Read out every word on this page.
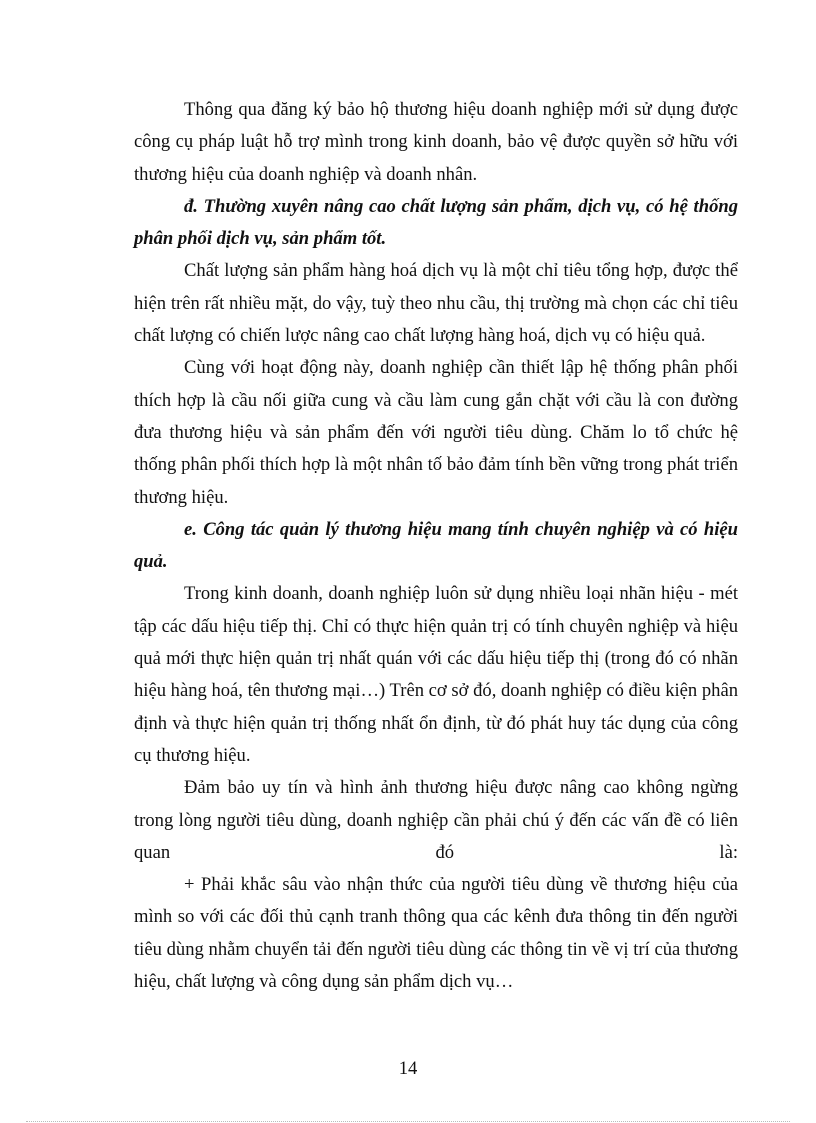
Thông qua đăng ký bảo hộ thương hiệu doanh nghiệp mới sử dụng được công cụ pháp luật hỗ trợ mình trong kinh doanh, bảo vệ được quyền sở hữu với thương hiệu của doanh nghiệp và doanh nhân.

đ. Thường xuyên nâng cao chất lượng sản phẩm, dịch vụ, có hệ thống phân phối dịch vụ, sản phẩm tốt.

Chất lượng sản phẩm hàng hoá dịch vụ là một chỉ tiêu tổng hợp, được thể hiện trên rất nhiều mặt, do vậy, tuỳ theo nhu cầu, thị trường mà chọn các chỉ tiêu chất lượng có chiến lược nâng cao chất lượng hàng hoá, dịch vụ có hiệu quả.

Cùng với hoạt động này, doanh nghiệp cần thiết lập hệ thống phân phối thích hợp là cầu nối giữa cung và cầu làm cung gắn chặt với cầu là con đường đưa thương hiệu và sản phẩm đến với người tiêu dùng. Chăm lo tổ chức hệ thống phân phối thích hợp là một nhân tố bảo đảm tính bền vững trong phát triển thương hiệu.

e. Công tác quản lý thương hiệu mang tính chuyên nghiệp và có hiệu quả.

Trong kinh doanh, doanh nghiệp luôn sử dụng nhiều loại nhãn hiệu - mét tập các dấu hiệu tiếp thị. Chỉ có thực hiện quản trị có tính chuyên nghiệp và hiệu quả mới thực hiện quản trị nhất quán với các dấu hiệu tiếp thị (trong đó có nhãn hiệu hàng hoá, tên thương mại…) Trên cơ sở đó, doanh nghiệp có điều kiện phân định và thực hiện quản trị thống nhất ổn định, từ đó phát huy tác dụng của công cụ thương hiệu.

Đảm bảo uy tín và hình ảnh thương hiệu được nâng cao không ngừng trong lòng người tiêu dùng, doanh nghiệp cần phải chú ý đến các vấn đề có liên quan đó là:

+ Phải khắc sâu vào nhận thức của người tiêu dùng về thương hiệu của mình so với các đối thủ cạnh tranh thông qua các kênh đưa thông tin đến người tiêu dùng nhằm chuyển tải đến người tiêu dùng các thông tin về vị trí của thương hiệu, chất lượng và công dụng sản phẩm dịch vụ…

14
